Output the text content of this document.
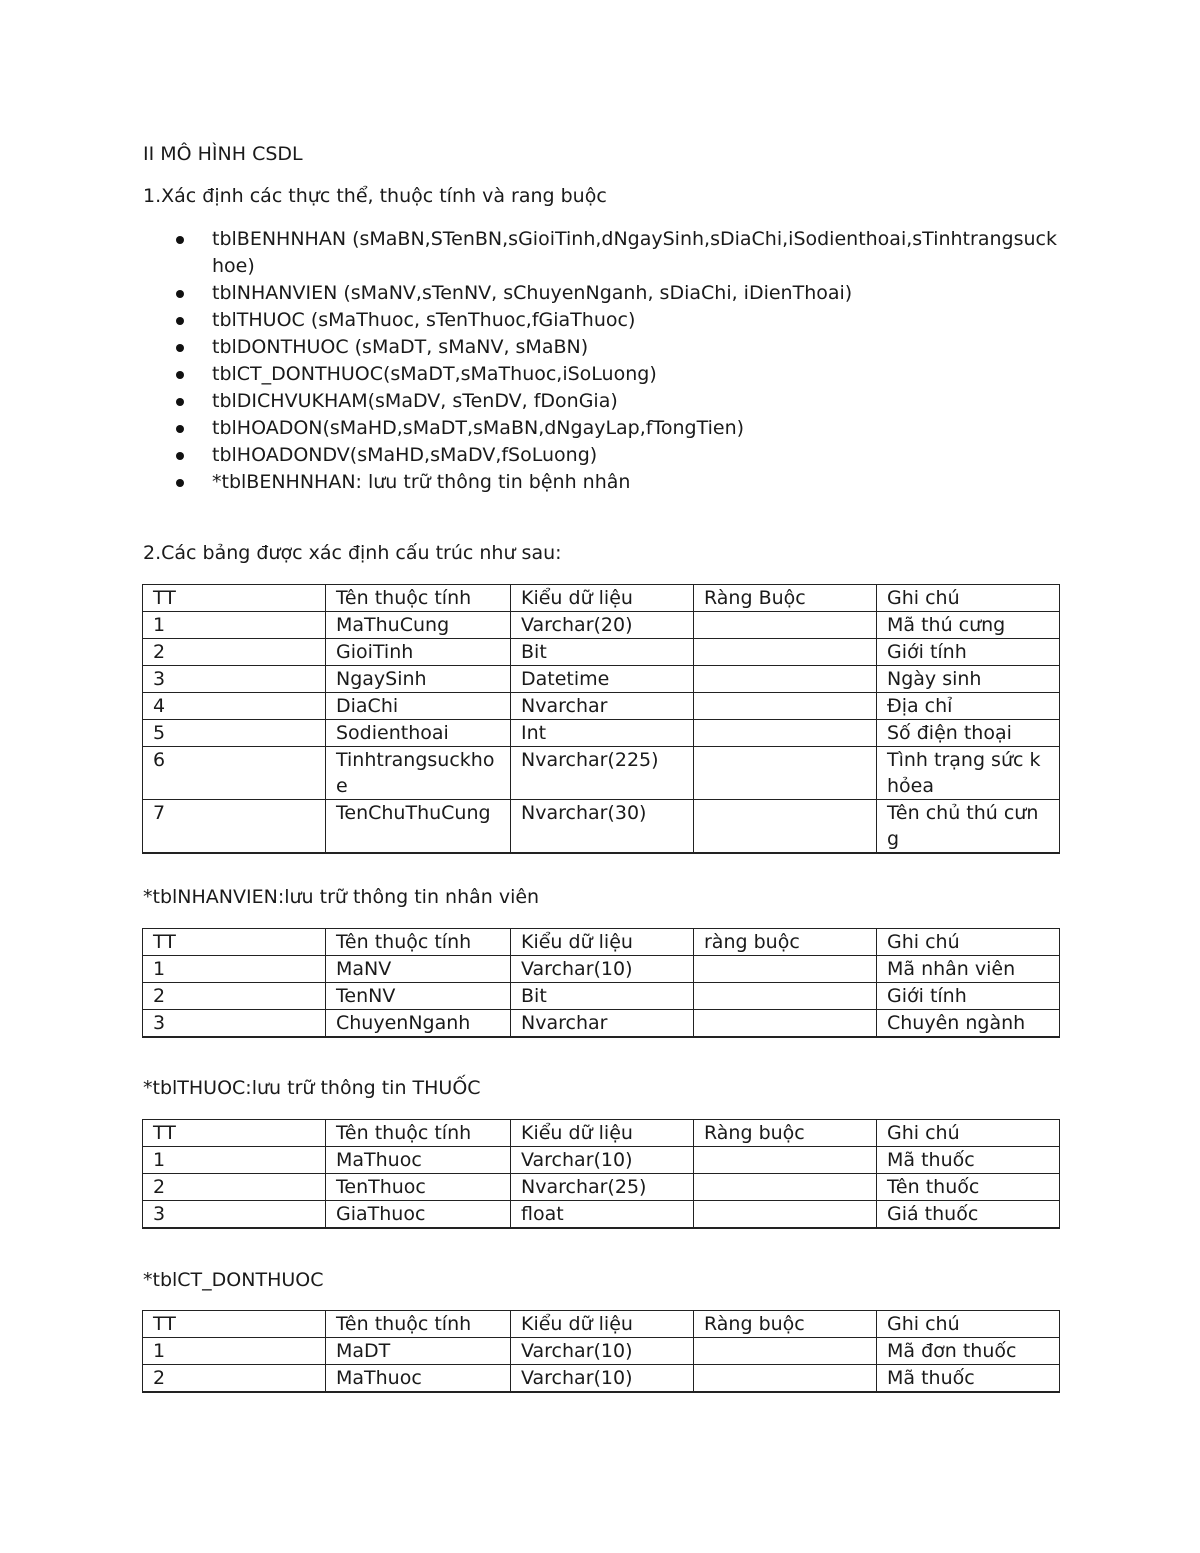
II MÔ HÌNH CSDL
1.Xác định các thực thể, thuộc tính và rang buộc
tblBENHNHAN (sMaBN,STenBN,sGioiTinh,dNgaySinh,sDiaChi,iSodienthoai,sTinhtrangsuckhoe)
tblNHANVIEN (sMaNV,sTenNV, sChuyenNganh, sDiaChi, iDienThoai)
tblTHUOC (sMaThuoc, sTenThuoc,fGiaThuoc)
tblDONTHUOC (sMaDT, sMaNV, sMaBN)
tblCT_DONTHUOC(sMaDT,sMaThuoc,iSoLuong)
tblDICHVUKHAM(sMaDV, sTenDV, fDonGia)
tblHOADON(sMaHD,sMaDT,sMaBN,dNgayLap,fTongTien)
tblHOADONDV(sMaHD,sMaDV,fSoLuong)
*tblBENHNHAN: lưu trữ thông tin bệnh nhân
2.Các bảng được xác định cấu trúc như sau:
TT	Tên thuộc tính	Kiểu dữ liệu	Ràng Buộc	Ghi chú
1	MaThuCung	Varchar(20)		Mã thú cưng
2	GioiTinh	Bit		Giới tính
3	NgaySinh	Datetime		Ngày sinh
4	DiaChi	Nvarchar		Địa chỉ
5	Sodienthoai	Int		Số điện thoại
6	Tinhtrangsuckhoe	Nvarchar(225)		Tình trạng sức khỏea
7	TenChuThuCung	Nvarchar(30)		Tên chủ thú cưng
*tblNHANVIEN:lưu trữ thông tin nhân viên
TT	Tên thuộc tính	Kiểu dữ liệu	ràng buộc	Ghi chú
1	MaNV	Varchar(10)		Mã nhân viên
2	TenNV	Bit		Giới tính
3	ChuyenNganh	Nvarchar		Chuyên ngành
*tblTHUOC:lưu trữ thông tin THUỐC
TT	Tên thuộc tính	Kiểu dữ liệu	Ràng buộc	Ghi chú
1	MaThuoc	Varchar(10)		Mã thuốc
2	TenThuoc	Nvarchar(25)		Tên thuốc
3	GiaThuoc	float		Giá thuốc
*tblCT_DONTHUOC
TT	Tên thuộc tính	Kiểu dữ liệu	Ràng buộc	Ghi chú
1	MaDT	Varchar(10)		Mã đơn thuốc
2	MaThuoc	Varchar(10)		Mã thuốc
